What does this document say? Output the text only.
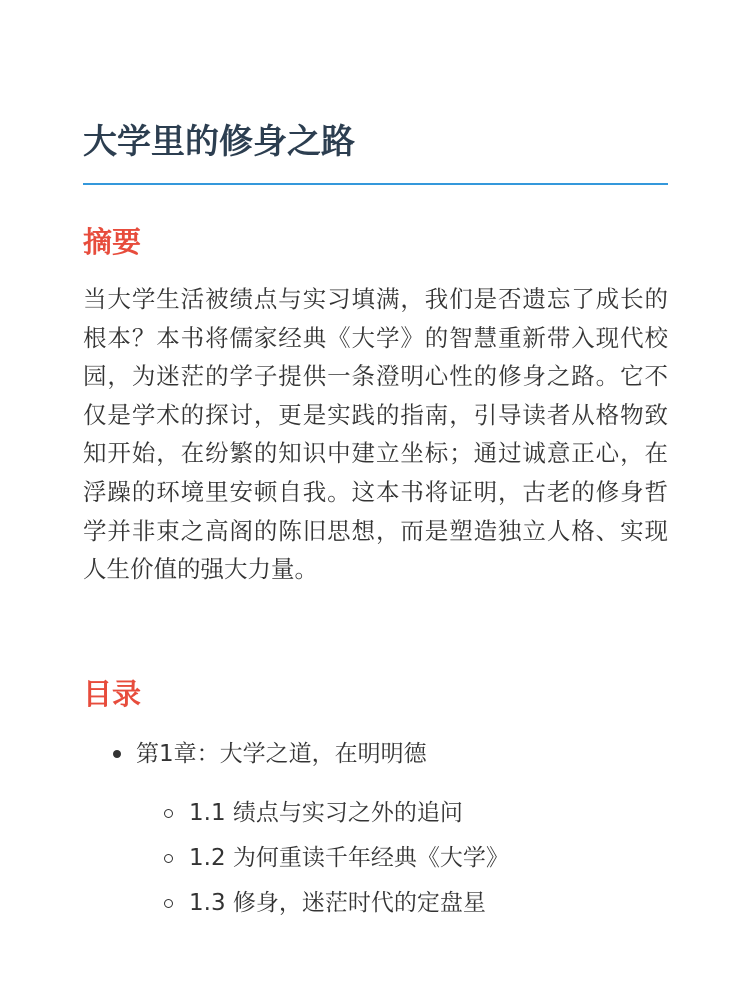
大学里的修身之路
摘要

当大学生活被绩点与实习填满，我们是否遗忘了成长的根本？本书将儒家经典《大学》的智慧重新带入现代校园，为迷茫的学子提供一条澄明心性的修身之路。它不仅是学术的探讨，更是实践的指南，引导读者从格物致知开始，在纷繁的知识中建立坐标；通过诚意正心，在浮躁的环境里安顿自我。这本书将证明，古老的修身哲学并非束之高阁的陈旧思想，而是塑造独立人格、实现人生价值的强大力量。

目录
第1章：大学之道，在明明德
1.1 绩点与实习之外的追问
1.2 为何重读千年经典《大学》
1.3 修身，迷茫时代的定盘星
